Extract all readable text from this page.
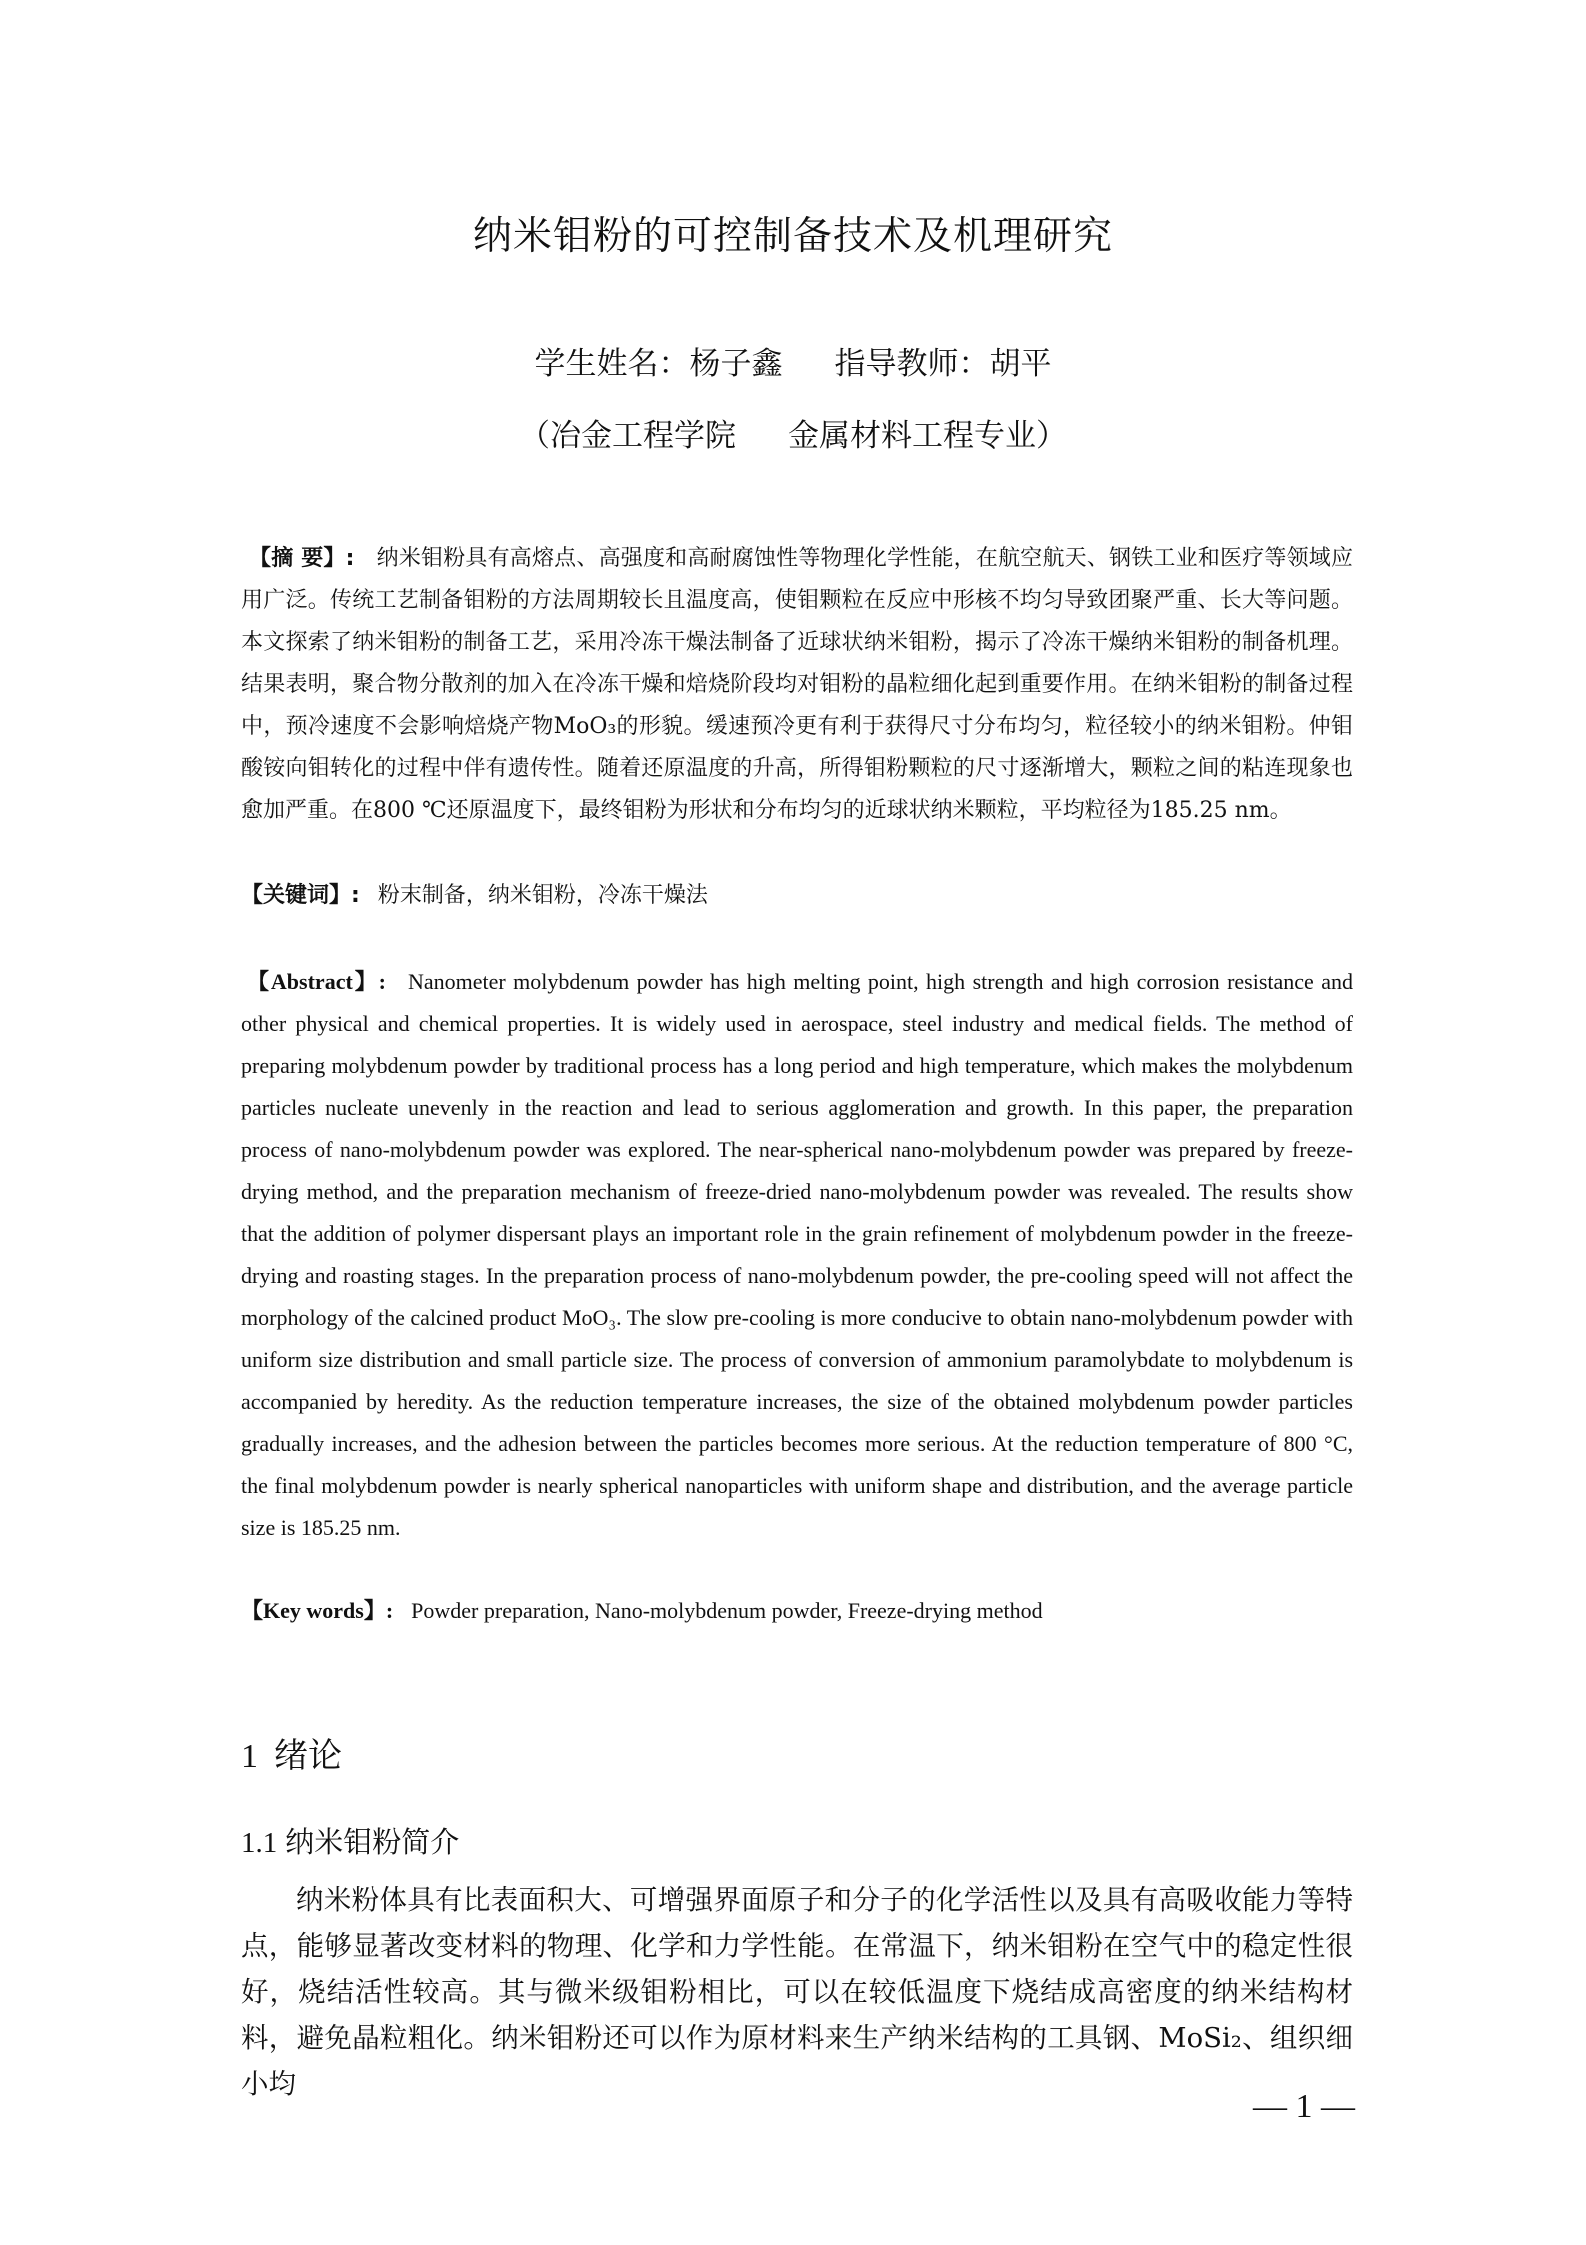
纳米钼粉的可控制备技术及机理研究
学生姓名：杨子鑫 指导教师：胡平
（冶金工程学院 金属材料工程专业）
【摘 要】: 纳米钼粉具有高熔点、高强度和高耐腐蚀性等物理化学性能，在航空航天、钢铁工业和医疗等领域应用广泛。传统工艺制备钼粉的方法周期较长且温度高，使钼颗粒在反应中形核不均匀导致团聚严重、长大等问题。本文探索了纳米钼粉的制备工艺，采用冷冻干燥法制备了近球状纳米钼粉，揭示了冷冻干燥纳米钼粉的制备机理。结果表明，聚合物分散剂的加入在冷冻干燥和焙烧阶段均对钼粉的晶粒细化起到重要作用。在纳米钼粉的制备过程中，预冷速度不会影响焙烧产物MoO₃的形貌。缓速预冷更有利于获得尺寸分布均匀，粒径较小的纳米钼粉。仲钼酸铵向钼转化的过程中伴有遗传性。随着还原温度的升高，所得钼粉颗粒的尺寸逐渐增大，颗粒之间的粘连现象也愈加严重。在800 ℃还原温度下，最终钼粉为形状和分布均匀的近球状纳米颗粒，平均粒径为185.25 nm。
【关键词】: 粉末制备，纳米钼粉，冷冻干燥法
【Abstract】: Nanometer molybdenum powder has high melting point, high strength and high corrosion resistance and other physical and chemical properties. It is widely used in aerospace, steel industry and medical fields. The method of preparing molybdenum powder by traditional process has a long period and high temperature, which makes the molybdenum particles nucleate unevenly in the reaction and lead to serious agglomeration and growth. In this paper, the preparation process of nano-molybdenum powder was explored. The near-spherical nano-molybdenum powder was prepared by freeze-drying method, and the preparation mechanism of freeze-dried nano-molybdenum powder was revealed. The results show that the addition of polymer dispersant plays an important role in the grain refinement of molybdenum powder in the freeze-drying and roasting stages. In the preparation process of nano-molybdenum powder, the pre-cooling speed will not affect the morphology of the calcined product MoO₃. The slow pre-cooling is more conducive to obtain nano-molybdenum powder with uniform size distribution and small particle size. The process of conversion of ammonium paramolybdate to molybdenum is accompanied by heredity. As the reduction temperature increases, the size of the obtained molybdenum powder particles gradually increases, and the adhesion between the particles becomes more serious. At the reduction temperature of 800 °C, the final molybdenum powder is nearly spherical nanoparticles with uniform shape and distribution, and the average particle size is 185.25 nm.
【Key words】: Powder preparation, Nano-molybdenum powder, Freeze-drying method
1 绪论
1.1 纳米钼粉简介
纳米粉体具有比表面积大、可增强界面原子和分子的化学活性以及具有高吸收能力等特点，能够显著改变材料的物理、化学和力学性能。在常温下，纳米钼粉在空气中的稳定性很好，烧结活性较高。其与微米级钼粉相比，可以在较低温度下烧结成高密度的纳米结构材料，避免晶粒粗化。纳米钼粉还可以作为原材料来生产纳米结构的工具钢、MoSi₂、组织细小均
— 1 —
